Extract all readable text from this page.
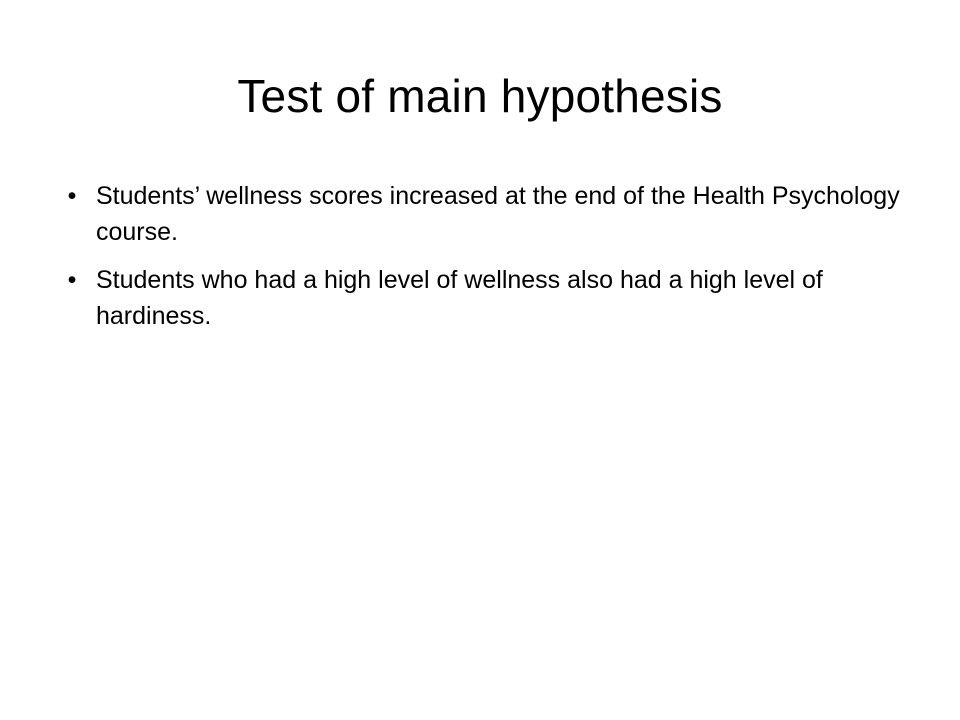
Test of main hypothesis
• Students’ wellness scores increased at the end of the Health Psychology course.
• Students who had a high level of wellness also had a high level of hardiness.
